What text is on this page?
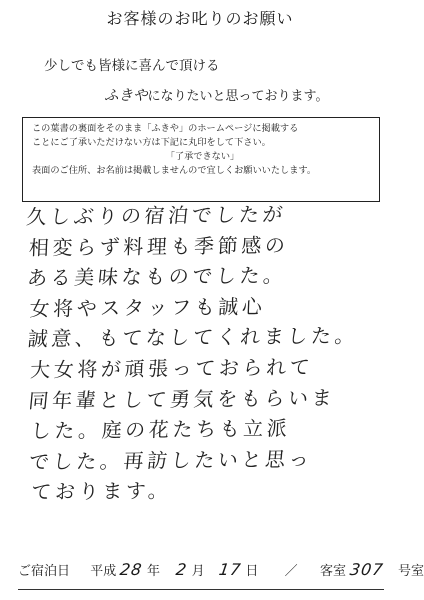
お客様のお叱りのお願い
少しでも皆様に喜んで頂ける
ふきやになりたいと思っております。
この葉書の裏面をそのまま「ふきや」のホームページに掲載する
ことにご了承いただけない方は下記に丸印をして下さい。
「了承できない」
表面のご住所、お名前は掲載しませんので宜しくお願いいたします。
久しぶりの宿泊でしたが
相変らず料理も季節感の
ある美味なものでした。
女将やスタッフも誠心
誠意、もてなしてくれました。
大女将が頑張っておられて
同年輩として勇気をもらいま
した。庭の花たちも立派
でした。再訪したいと思っ
ております。
ご宿泊日 平成 28 年 2 月 17 日 ／ 客室 307 号室
